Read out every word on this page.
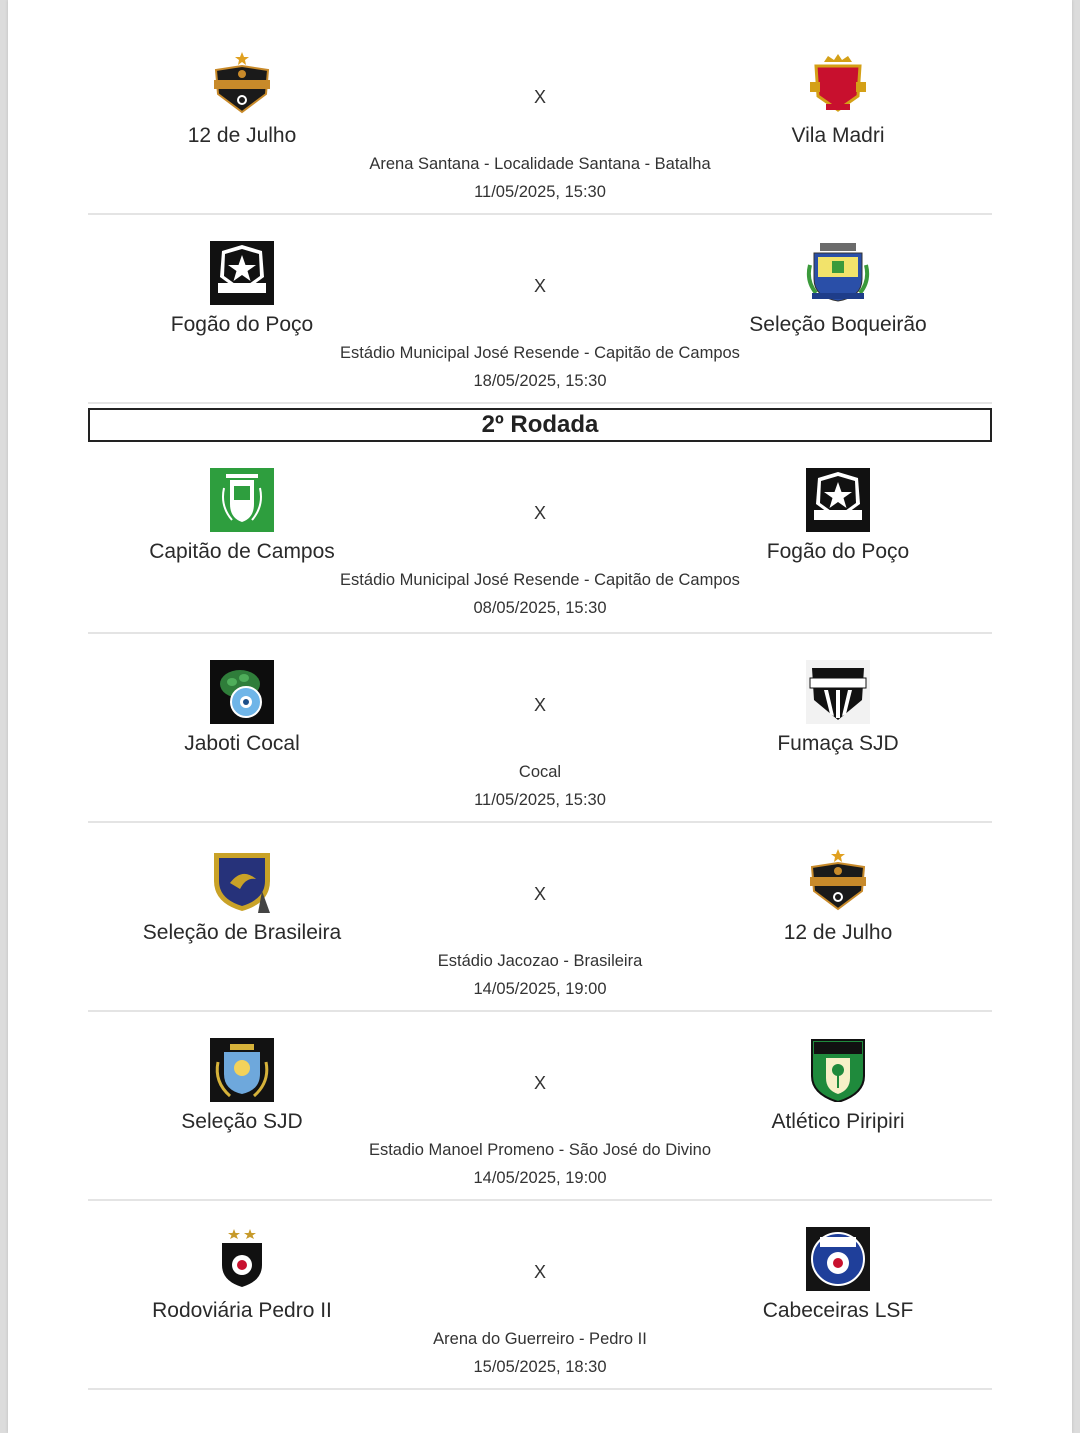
12 de Julho
X
Vila Madri
Arena Santana - Localidade Santana - Batalha
11/05/2025, 15:30
Fogão do Poço
X
Seleção Boqueirão
Estádio Municipal José Resende - Capitão de Campos
18/05/2025, 15:30
2º Rodada
Capitão de Campos
X
Fogão do Poço
Estádio Municipal José Resende - Capitão de Campos
08/05/2025, 15:30
Jaboti Cocal
X
Fumaça SJD
Cocal
11/05/2025, 15:30
Seleção de Brasileira
X
12 de Julho
Estádio Jacozao - Brasileira
14/05/2025, 19:00
Seleção SJD
X
Atlético Piripiri
Estadio Manoel Promeno - São José do Divino
14/05/2025, 19:00
Rodoviária Pedro II
X
Cabeceiras LSF
Arena do Guerreiro - Pedro II
15/05/2025, 18:30
